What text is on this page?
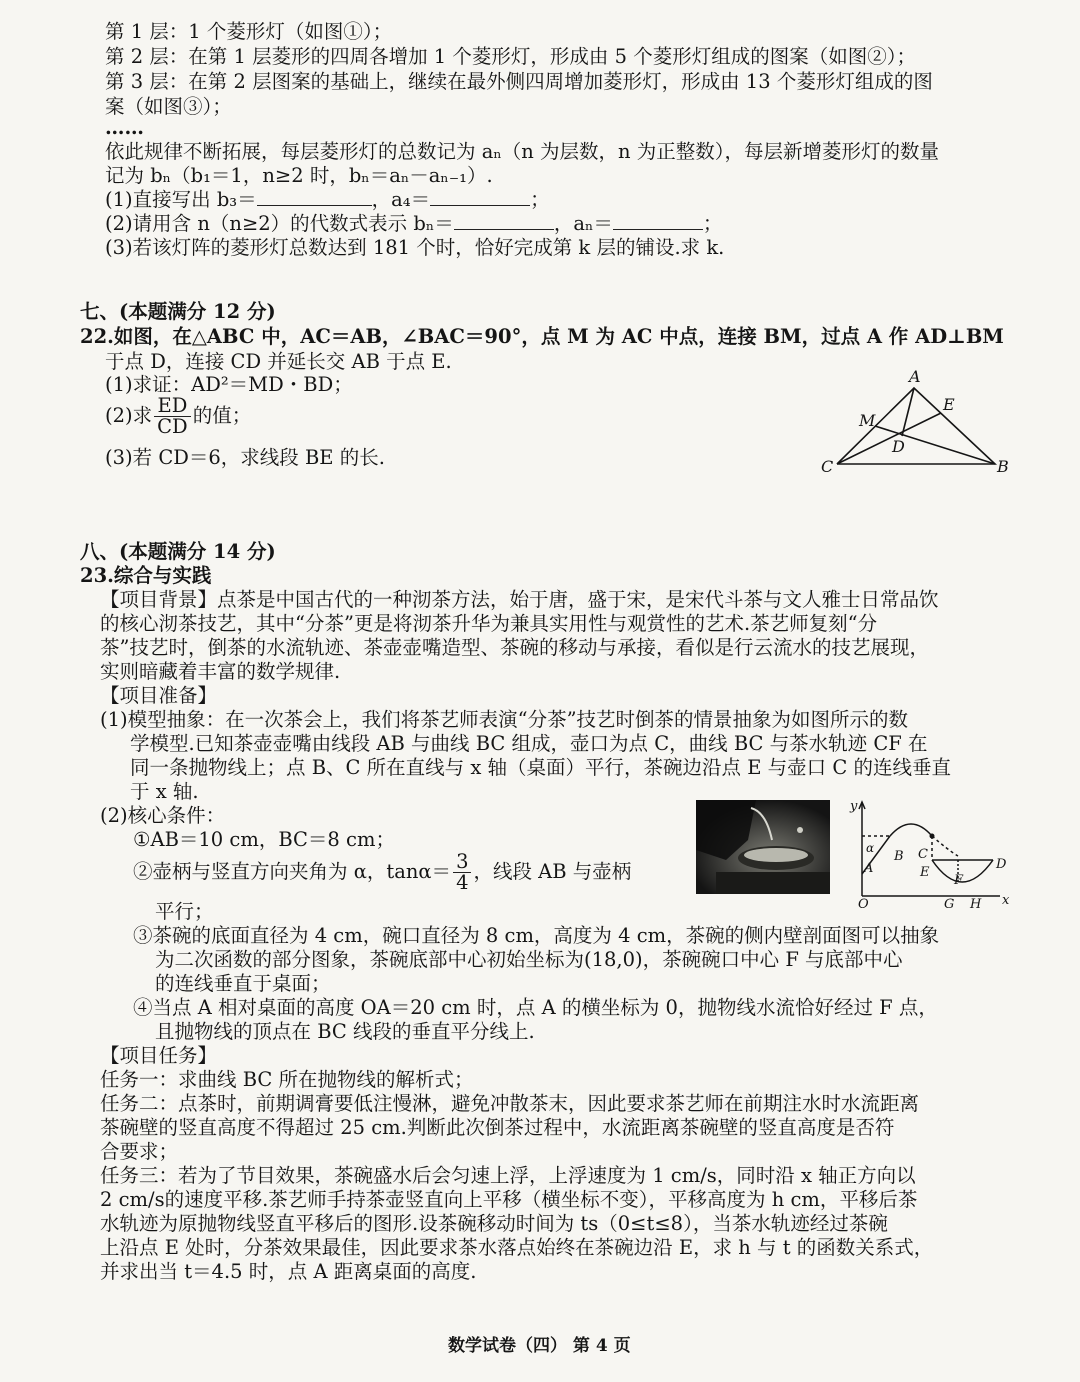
第 1 层：1 个菱形灯（如图①）；
第 2 层：在第 1 层菱形的四周各增加 1 个菱形灯，形成由 5 个菱形灯组成的图案（如图②）；
第 3 层：在第 2 层图案的基础上，继续在最外侧四周增加菱形灯，形成由 13 个菱形灯组成的图
案（如图③）；
……
依此规律不断拓展，每层菱形灯的总数记为 aₙ（n 为层数，n 为正整数），每层新增菱形灯的数量
记为 bₙ（b₁＝1，n≥2 时，bₙ＝aₙ－aₙ₋₁）.
(1)直接写出 b₃＝	，a₄＝	；
(2)请用含 n（n≥2）的代数式表示 bₙ＝	，aₙ＝	；
(3)若该灯阵的菱形灯总数达到 181 个时，恰好完成第 k 层的铺设.求 k.
七、(本题满分 12 分)
22.如图，在△ABC 中，AC＝AB，∠BAC＝90°，点 M 为 AC 中点，连接 BM，过点 A 作 AD⊥BM
于点 D，连接 CD 并延长交 AB 于点 E.
(1)求证：AD²＝MD・BD；
(2)求 $\frac{ED}{CD}$ 的值；
(3)若 CD＝6，求线段 BE 的长.
A
E
M
D
C	B
八、(本题满分 14 分)
23.综合与实践
【项目背景】点茶是中国古代的一种沏茶方法，始于唐，盛于宋，是宋代斗茶与文人雅士日常品饮
的核心沏茶技艺，其中“分茶”更是将沏茶升华为兼具实用性与观赏性的艺术.茶艺师复刻“分
茶”技艺时，倒茶的水流轨迹、茶壶壶嘴造型、茶碗的移动与承接，看似是行云流水的技艺展现，
实则暗藏着丰富的数学规律.
【项目准备】
(1)模型抽象：在一次茶会上，我们将茶艺师表演“分茶”技艺时倒茶的情景抽象为如图所示的数
学模型.已知茶壶壶嘴由线段 AB 与曲线 BC 组成，壶口为点 C，曲线 BC 与茶水轨迹 CF 在
同一条抛物线上；点 B、C 所在直线与 x 轴（桌面）平行，茶碗边沿点 E 与壶口 C 的连线垂直
于 x 轴.
(2)核心条件：
①AB＝10 cm，BC＝8 cm；
②壶柄与竖直方向夹角为 α，$\tan\alpha= \frac{3}{4}$ ，线段 AB 与壶柄
平行；
③茶碗的底面直径为 4 cm，碗口直径为 8 cm，高度为 4 cm，茶碗的侧内壁剖面图可以抽象
为二次函数的部分图象，茶碗底部中心初始坐标为(18,0)，茶碗碗口中心 F 与底部中心
的连线垂直于桌面；
④当点 A 相对桌面的高度 OA＝20 cm 时，点 A 的横坐标为 0，抛物线水流恰好经过 F 点，
且抛物线的顶点在 BC 线段的垂直平分线上.
【项目任务】
任务一：求曲线 BC 所在抛物线的解析式；
任务二：点茶时，前期调膏要低注慢淋，避免冲散茶末，因此要求茶艺师在前期注水时水流距离
茶碗壁的竖直高度不得超过 25 cm.判断此次倒茶过程中，水流距离茶碗壁的竖直高度是否符
合要求；
任务三：若为了节目效果，茶碗盛水后会匀速上浮，上浮速度为 1 cm/s，同时沿 x 轴正方向以
2 cm/s的速度平移.茶艺师手持茶壶竖直向上平移（横坐标不变），平移高度为 h cm，平移后茶
水轨迹为原抛物线竖直平移后的图形.设茶碗移动时间为 ts（0≤t≤8），当茶水轨迹经过茶碗
上沿点 E 处时，分茶效果最佳，因此要求茶水落点始终在茶碗边沿 E，求 h 与 t 的函数关系式，
并求出当 t＝4.5 时，点 A 距离桌面的高度.
y
x
α
A
B C
D
E
F
O	G H
数学试卷（四） 第 4 页
